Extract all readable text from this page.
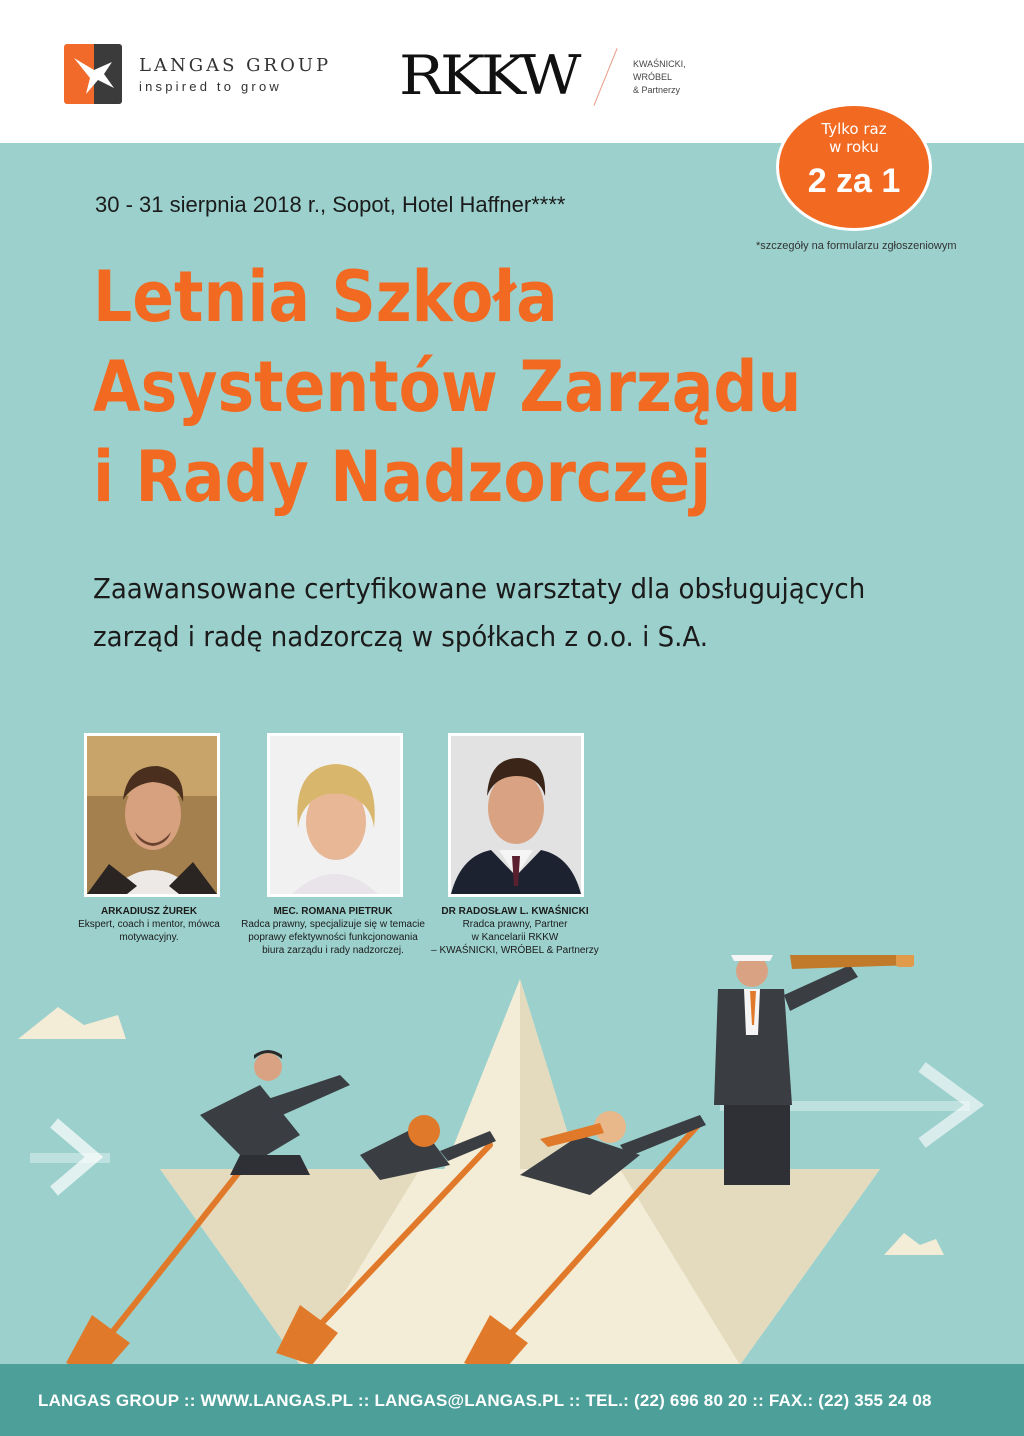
LANGAS GROUP
inspired to grow RKKW	KWAŚNICKI,
WRÓBEL
& Partnerzy
Tylko raz
w roku
2 za 1
*szczegóły na formularzu zgłoszeniowym
30 - 31 sierpnia 2018 r., Sopot, Hotel Haffner****
Letnia Szkoła
Asystentów Zarządu
i Rady Nadzorczej
Zaawansowane certyfikowane warsztaty dla obsługujących
zarząd i radę nadzorczą w spółkach z o.o. i S.A.
ARKADIUSZ ŻUREK
Ekspert, coach i mentor, mówca
motywacyjny.
MEC. ROMANA PIETRUK
Radca prawny, specjalizuje się w temacie
poprawy efektywności funkcjonowania
biura zarządu i rady nadzorczej.
DR RADOSŁAW L. KWAŚNICKI
Rradca prawny, Partner
w Kancelarii RKKW
– KWAŚNICKI, WRÓBEL & Partnerzy
LANGAS GROUP :: WWW.LANGAS.PL :: LANGAS@LANGAS.PL :: TEL.: (22) 696 80 20 :: FAX.: (22) 355 24 08
